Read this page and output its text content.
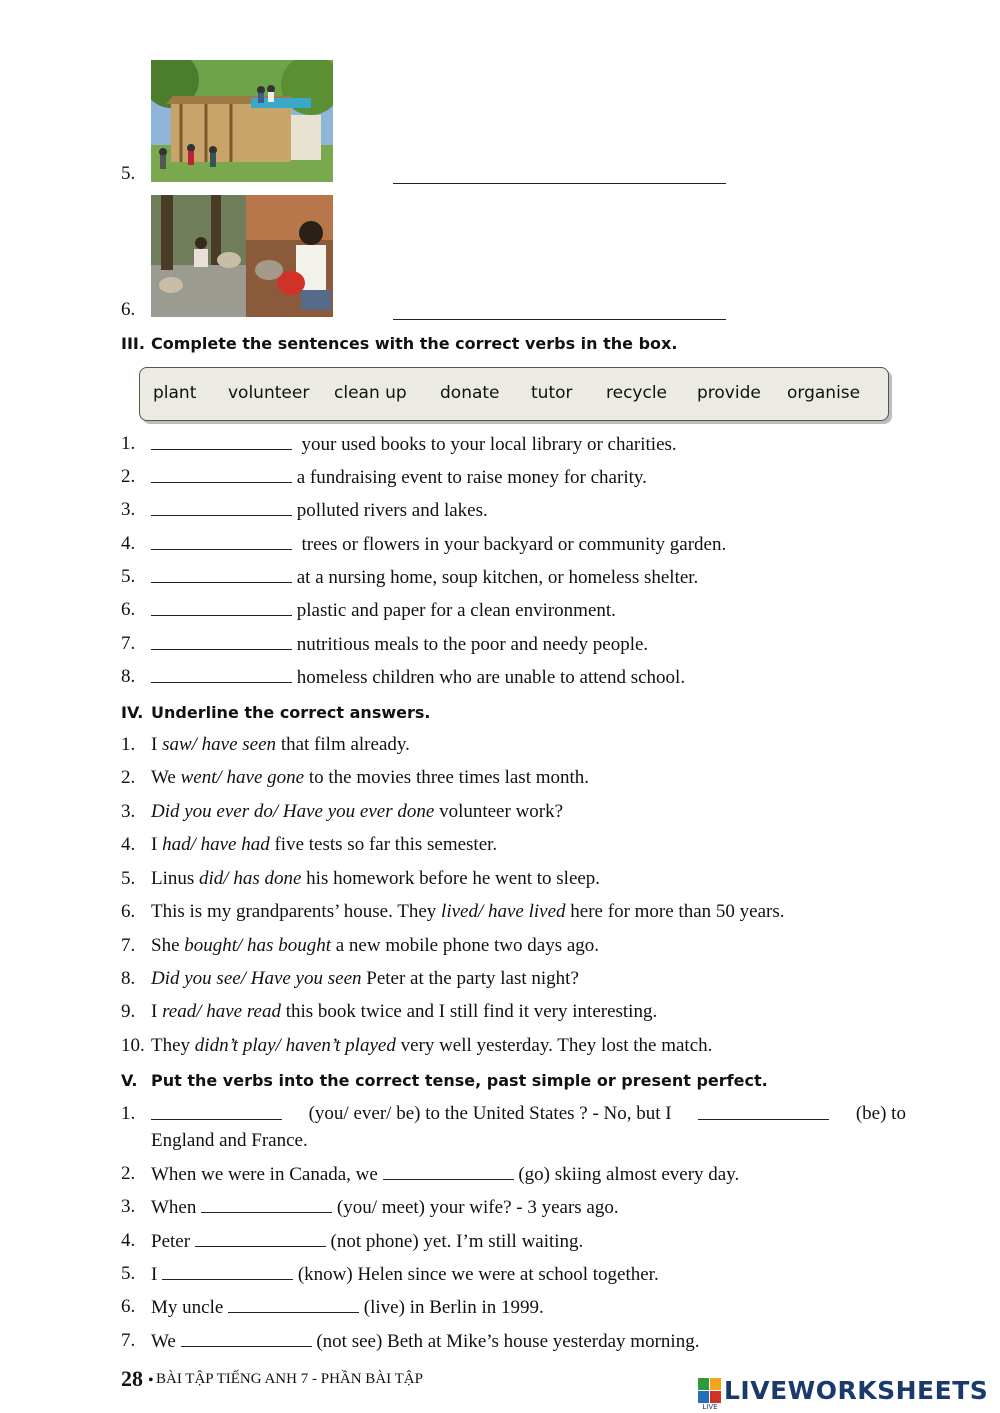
5.
6.
III. Complete the sentences with the correct verbs in the box.
plant volunteer clean up donate tutor recycle provide organise
1.	your used books to your local library or charities.
2.	a fundraising event to raise money for charity.
3.	polluted rivers and lakes.
4.	trees or flowers in your backyard or community garden.
5.	at a nursing home, soup kitchen, or homeless shelter.
6.	plastic and paper for a clean environment.
7.	nutritious meals to the poor and needy people.
8.	homeless children who are unable to attend school.
IV. Underline the correct answers.
1. I saw/ have seen that film already.
2. We went/ have gone to the movies three times last month.
3. Did you ever do/ Have you ever done volunteer work?
4. I had/ have had five tests so far this semester.
5. Linus did/ has done his homework before he went to sleep.
6. This is my grandparents’ house. They lived/ have lived here for more than 50 years.
7. She bought/ has bought a new mobile phone two days ago.
8. Did you see/ Have you seen Peter at the party last night?
9. I read/ have read this book twice and I still find it very interesting.
10. They didn’t play/ haven’t played very well yesterday. They lost the match.
V. Put the verbs into the correct tense, past simple or present perfect.
1.	(you/ ever/ be) to the United States ? - No, but I	(be) to
England and France.
2. When we were in Canada, we	(go) skiing almost every day.
3. When	(you/ meet) your wife? - 3 years ago.
4. Peter	(not phone) yet. I’m still waiting.
5. I	(know) Helen since we were at school together.
6. My uncle	(live) in Berlin in 1999.
7. We	(not see) Beth at Mike’s house yesterday morning.
28 • BÀI TẬP TIẾNG ANH 7 - PHẦN BÀI TẬP
LIVE
LIVEWORKSHEETS
